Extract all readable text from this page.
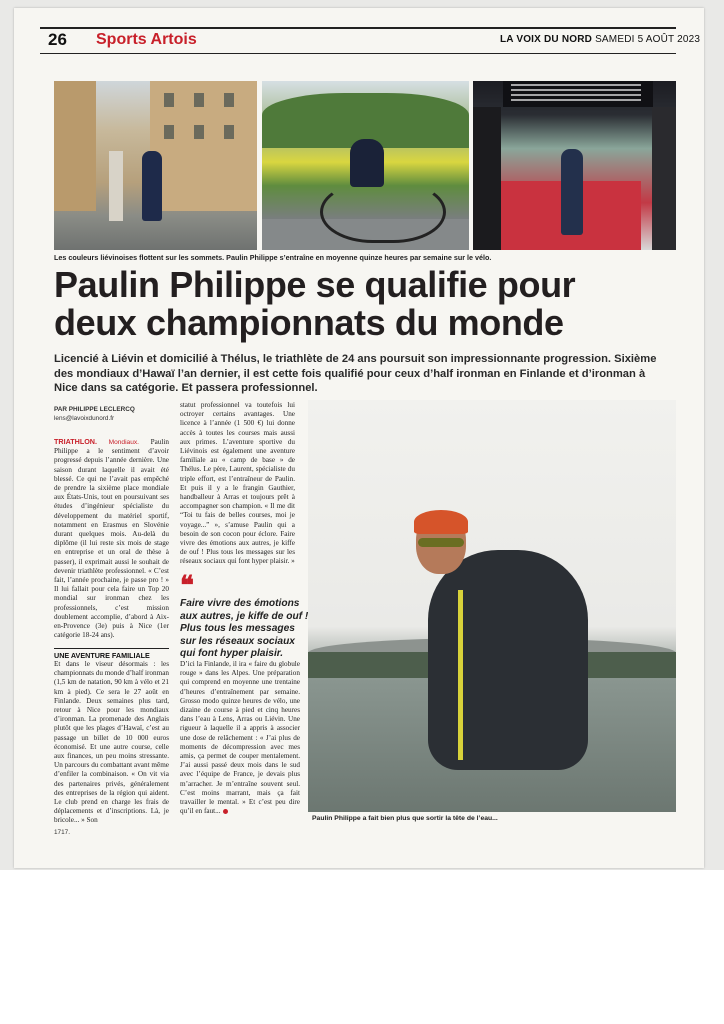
26 Sports Artois	LA VOIX DU NORD SAMEDI 5 AOÛT 2023
Les couleurs liévinoises flottent sur les sommets. Paulin Philippe s’entraîne en moyenne quinze heures par semaine sur le vélo.
Paulin Philippe se qualifie pour
deux championnats du monde
Licencié à Liévin et domicilié à Thélus, le triathlète de 24 ans poursuit son impressionnante progression. Sixième des mondiaux d’Hawaï l’an dernier, il est cette fois qualifié pour ceux d’half ironman en Finlande et d’ironman à Nice dans sa catégorie. Et passera professionnel.
PAR PHILIPPE LECLERCQ
lens@lavoixdunord.fr

TRIATHLON. Mondiaux. Paulin Philippe a le sentiment d’avoir progressé depuis l’année dernière. Une saison durant laquelle il avait été blessé. Ce qui ne l’avait pas empêché de prendre la sixième place mondiale aux États-Unis, tout en poursuivant ses études d’ingénieur spécialiste du développement du matériel sportif, notamment en Erasmus en Slovénie durant quelques mois. Au-delà du diplôme (il lui reste six mois de stage en entreprise et un oral de thèse à passer), il exprimait aussi le souhait de devenir triathlète professionnel. « C’est fait, l’année prochaine, je passe pro ! » Il lui fallait pour cela faire un Top 20 mondial sur ironman chez les professionnels, c’est mission doublement accomplie, d’abord à Aix-en-Provence (3e) puis à Nice (1er catégorie 18-24 ans).

UNE AVENTURE FAMILIALE

Et dans le viseur désormais : les championnats du monde d’half ironman (1,5 km de natation, 90 km à vélo et 21 km à pied). Ce sera le 27 août en Finlande. Deux semaines plus tard, retour à Nice pour les mondiaux d’ironman. La promenade des Anglais plutôt que les plages d’Hawaï, c’est au passage un billet de 10 000 euros économisé. Et une autre course, celle aux finances, un peu moins stressante. Un parcours du combattant avant même d’enfiler la combinaison. « On vit via des partenaires privés, généralement des entreprises de la région qui aident. Le club prend en charge les frais de déplacements et d’inscriptions. Là, je bricole... » Son

statut professionnel va toutefois lui octroyer certains avantages. Une licence à l’année (1 500 €) lui donne accès à toutes les courses mais aussi aux primes. L’aventure sportive du Liévinois est également une aventure familiale au « camp de base » de Thélus. Le père, Laurent, spécialiste du triple effort, est l’entraîneur de Paulin. Et puis il y a le frangin Gauthier, handballeur à Arras et toujours prêt à accompagner son champion. « Il me dit “Toi tu fais de belles courses, moi je voyage...” », s’amuse Paulin qui a besoin de son cocon pour éclore. Faire vivre des émotions aux autres, je kiffe de ouf ! Plus tous les messages sur les réseaux sociaux qui font hyper plaisir. »

❝
Faire vivre des émotions aux autres, je kiffe de ouf ! Plus tous les messages sur les réseaux sociaux qui font hyper plaisir.

D’ici la Finlande, il ira « faire du globule rouge » dans les Alpes. Une préparation qui comprend en moyenne une trentaine d’heures d’entraînement par semaine. Grosso modo quinze heures de vélo, une dizaine de course à pied et cinq heures dans l’eau à Lens, Arras ou Liévin. Une rigueur à laquelle il a appris à associer une dose de relâchement : « J’ai plus de moments de décompression avec mes amis, ça permet de couper mentalement. J’ai aussi passé deux mois dans le sud avec l’équipe de France, je devais plus m’arracher. Je m’entraîne souvent seul. C’est moins marrant, mais ça fait travailler le mental. » Et c’est peu dire qu’il en faut...

Paulin Philippe a fait bien plus que sortir la tête de l’eau...
1717.
